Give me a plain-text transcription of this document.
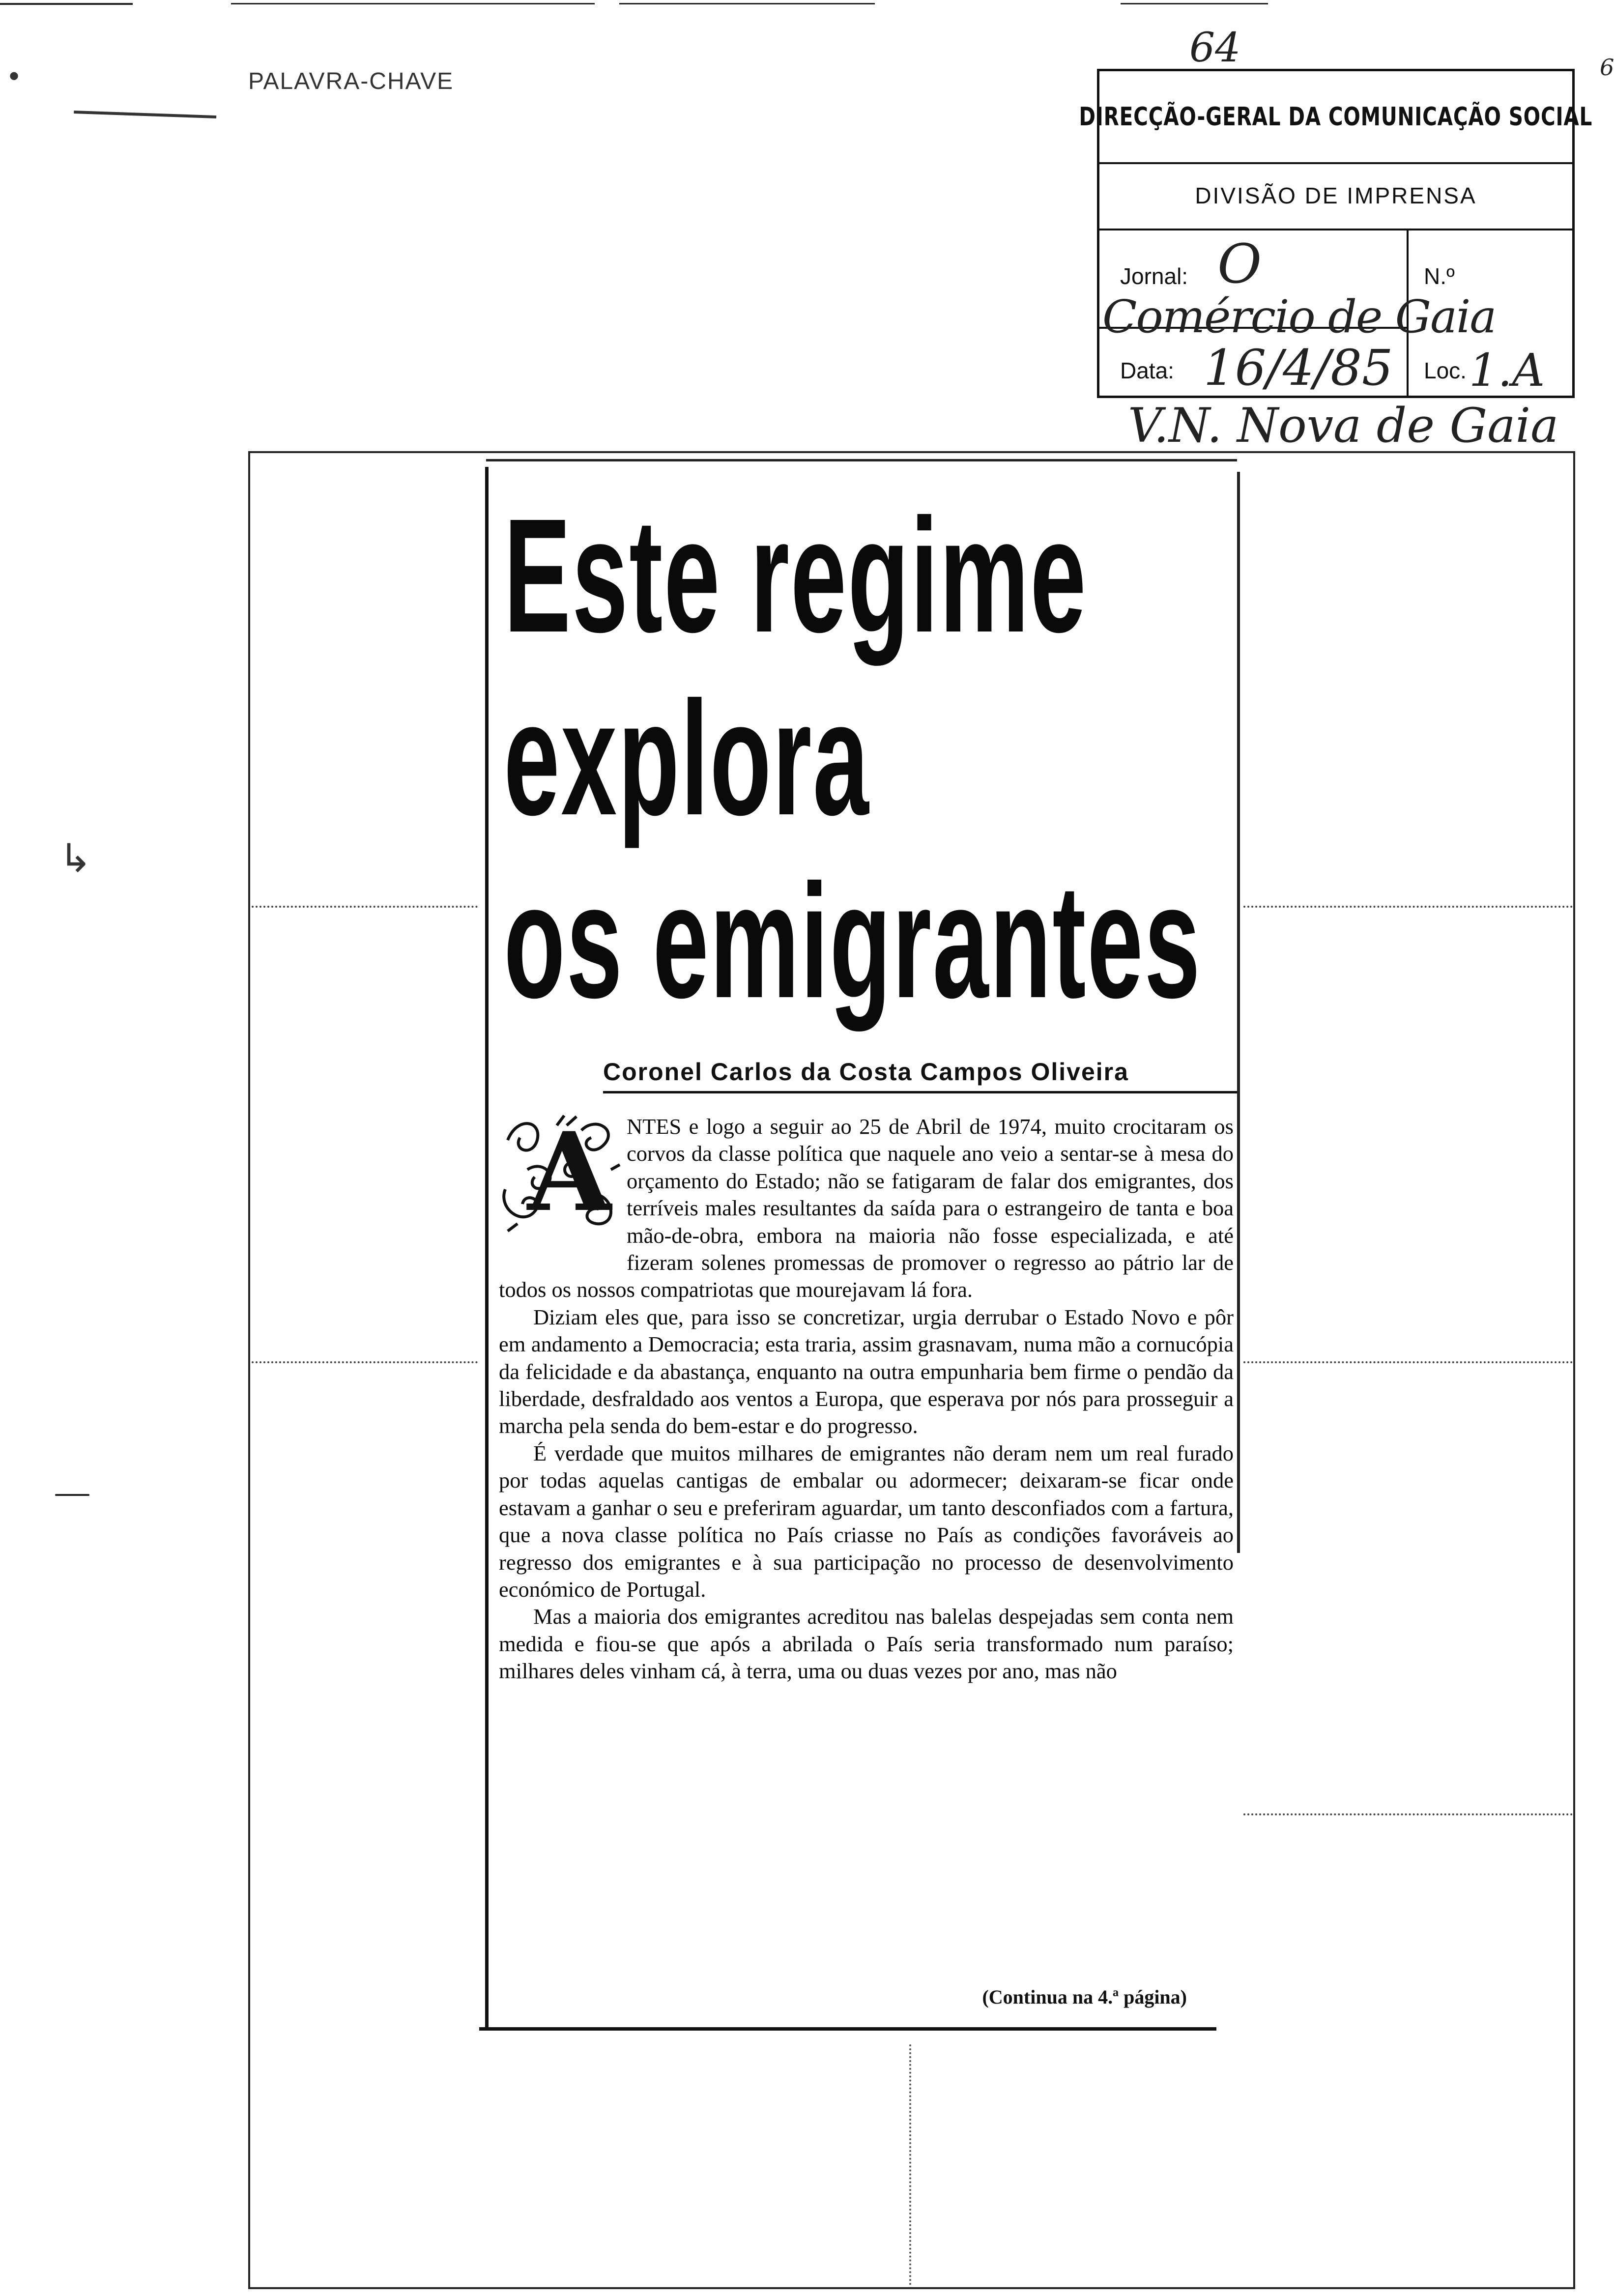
PALAVRA-CHAVE
•
↳
64	6
DIRECÇÃO-GERAL DA COMUNICAÇÃO SOCIAL
DIVISÃO DE IMPRENSA
Jornal: O
Comércio de Gaia
N.º
Data: 16/4/85 Loc. 1.A
V.N. Nova de Gaia
Este regime
explora
os emigrantes
Coronel Carlos da Costa Campos Oliveira
A NTES e logo a seguir ao 25 de Abril de 1974, muito crocitaram os corvos da classe política que naquele ano veio a sentar-se à mesa do orçamento do Estado; não se fatigaram de falar dos emigrantes, dos terríveis males resultantes da saída para o estrangeiro de tanta e boa mão-de-obra, embora na maioria não fosse especializada, e até fizeram solenes promessas de promover o regresso ao pátrio lar de todos os nossos compatriotas que mourejavam lá fora.

Diziam eles que, para isso se concretizar, urgia derrubar o Estado Novo e pôr em andamento a Democracia; esta traria, assim grasnavam, numa mão a cornucópia da felicidade e da abastança, enquanto na outra empunharia bem firme o pendão da liberdade, desfraldado aos ventos a Europa, que esperava por nós para prosseguir a marcha pela senda do bem-estar e do progresso.

É verdade que muitos milhares de emigrantes não deram nem um real furado por todas aquelas cantigas de embalar ou adormecer; deixaram-se ficar onde estavam a ganhar o seu e preferiram aguardar, um tanto desconfiados com a fartura, que a nova classe política no País criasse no País as condições favoráveis ao regresso dos emigrantes e à sua participação no processo de desenvolvimento económico de Portugal.

Mas a maioria dos emigrantes acreditou nas balelas despejadas sem conta nem medida e fiou-se que após a abrilada o País seria transformado num paraíso; milhares deles vinham cá, à terra, uma ou duas vezes por ano, mas não

(Continua na 4.ª página)
